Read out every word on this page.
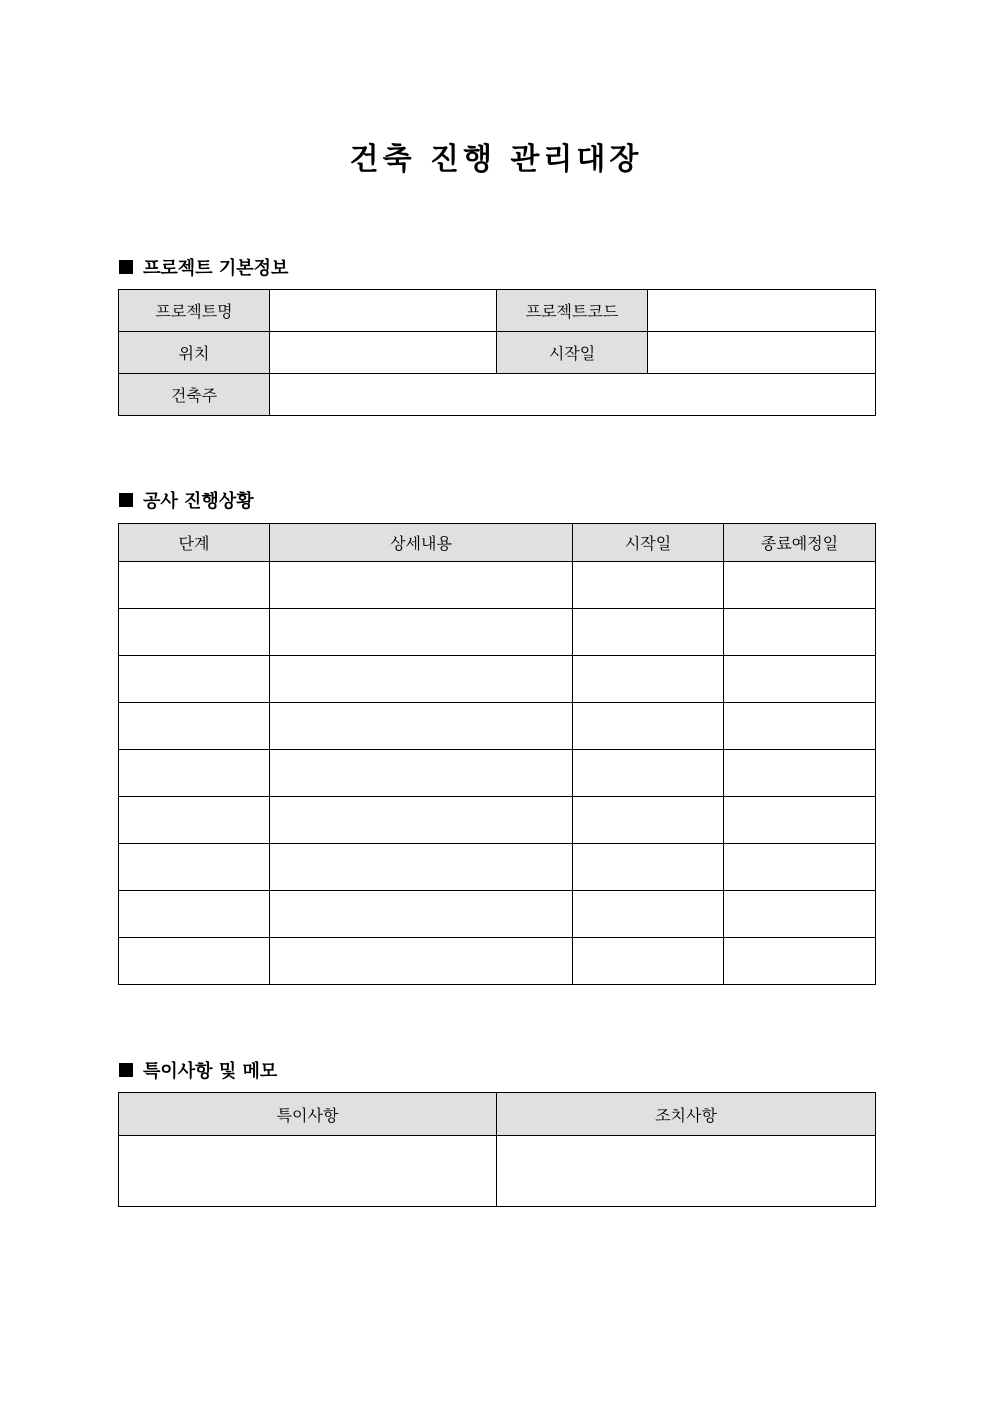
건축 진행 관리대장
프로젝트 기본정보
프로젝트명		프로젝트코드	
위치		시작일	
건축주			
공사 진행상황
단계	상세내용	시작일	종료예정일

특이사항 및 메모
특이사항	조치사항
